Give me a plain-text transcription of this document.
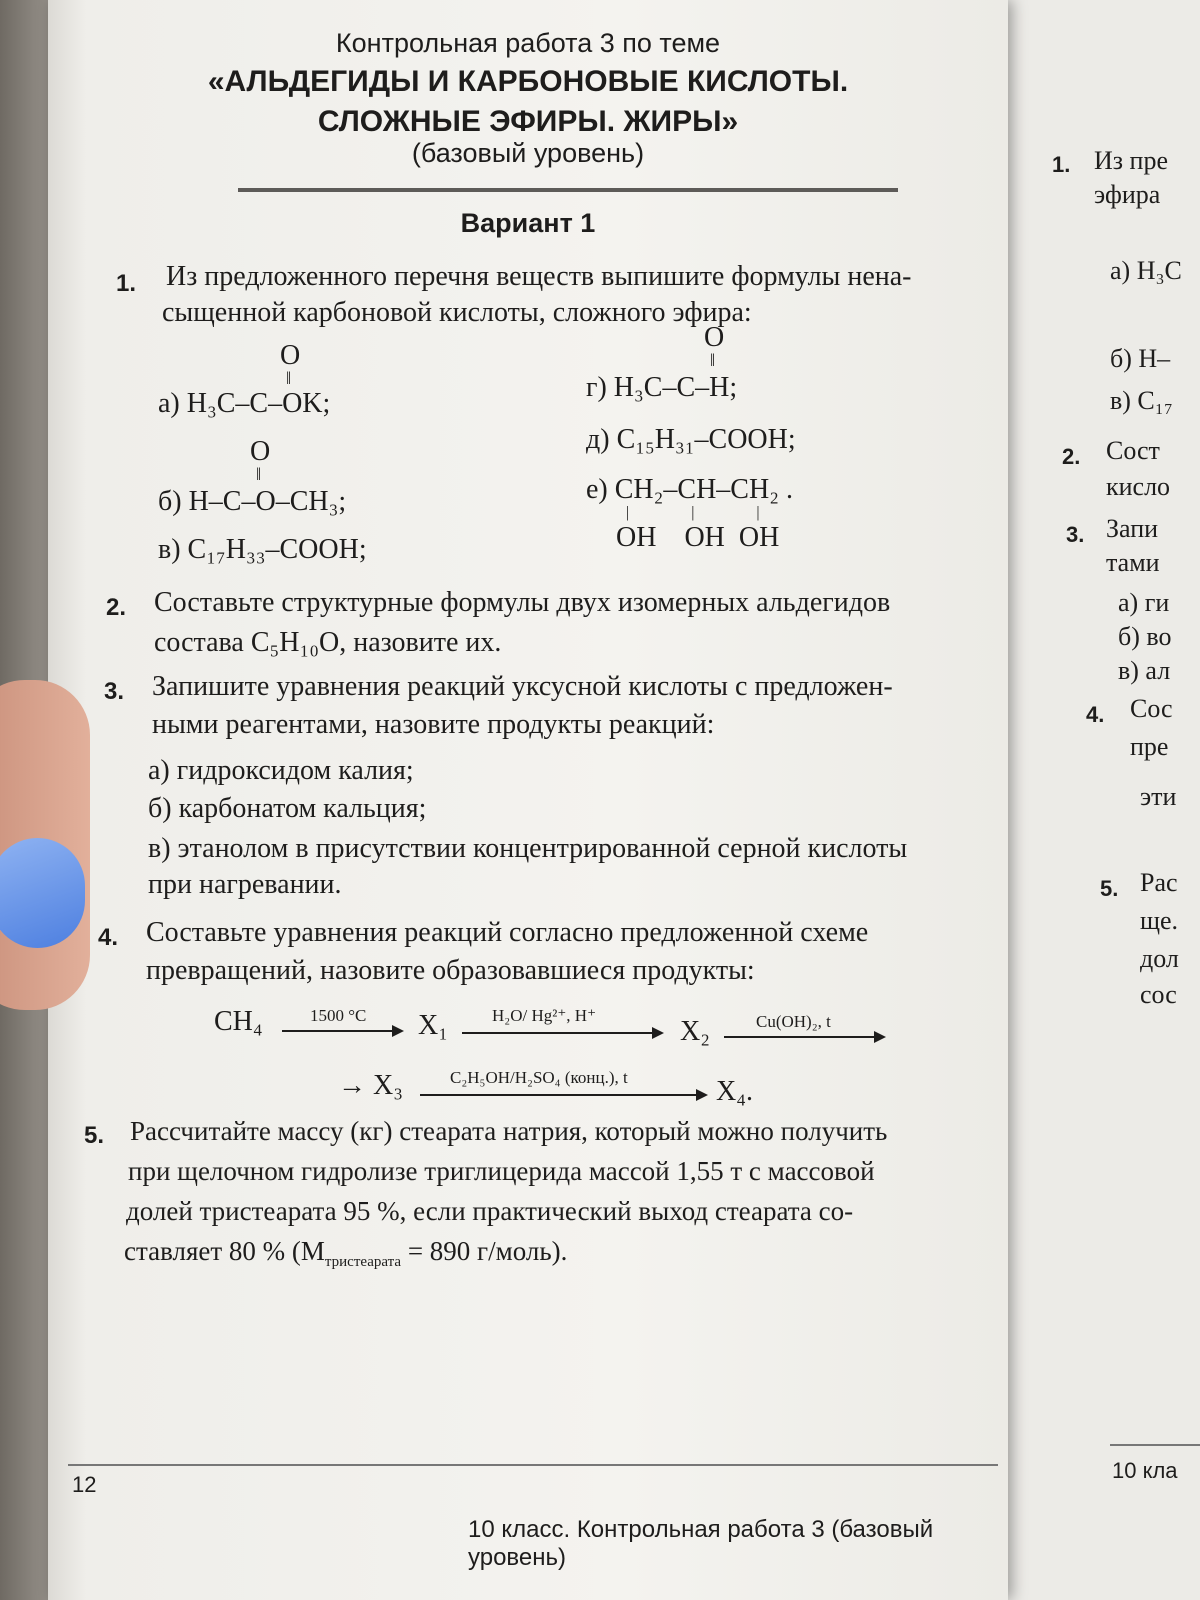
1. Из пре
эфира
а) H₃C
б) H–
в) C₁₇
2. Сост
кисло
3. Запи
тами
а) ги
б) во
в) ал
4. Сос
пре
эти
5. Рас
ще.
дол
сос
10 кла
Контрольная работа 3 по теме
«АЛЬДЕГИДЫ И КАРБОНОВЫЕ КИСЛОТЫ.
СЛОЖНЫЕ ЭФИРЫ. ЖИРЫ»
(базовый уровень)
Вариант 1
1. Из предложенного перечня веществ выпишите формулы нена-
сыщенной карбоновой кислоты, сложного эфира:
O
‖
а) H₃C–C–OK;
O
‖
б) H–C–O–CH₃;
в) C₁₇H₃₃–COOH;
O
‖
г) H₃C–C–H;
д) C₁₅H₃₁–COOH;
е) CH₂–CH–CH₂ .
|||
OH    OH  OH
2. Составьте структурные формулы двух изомерных альдегидов
состава C₅H₁₀O, назовите их.
3. Запишите уравнения реакций уксусной кислоты с предложен-
ными реагентами, назовите продукты реакций:
а) гидроксидом калия;
б) карбонатом кальция;
в) этанолом в присутствии концентрированной серной кислоты
при нагревании.
4. Составьте уравнения реакций согласно предложенной схеме
превращений, назовите образовавшиеся продукты:
CH₄	1500 °C X₁	H₂O/ Hg²⁺, H⁺
X₂	Cu(OH)₂, t
→ X₃	C₂H₅OH/H₂SO₄ (конц.), t	X₄.
5. Рассчитайте массу (кг) стеарата натрия, который можно получить
при щелочном гидролизе триглицерида массой 1,55 т с массовой
долей тристеарата 95 %, если практический выход стеарата со-
ставляет 80 % ($M_{тристеарата} = 890$ г/моль).
12
10 класс. Контрольная работа 3 (базовый уровень)
